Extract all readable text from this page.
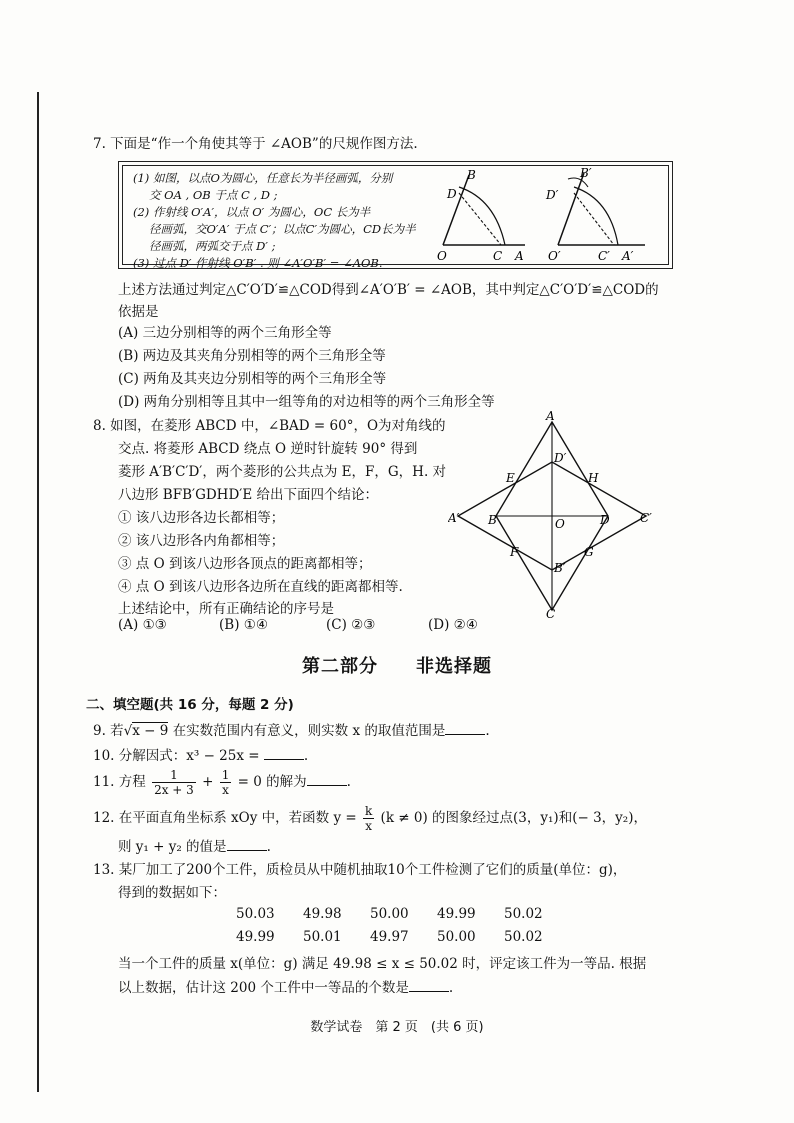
7. 下面是“作一个角使其等于 ∠AOB”的尺规作图方法.
(1) 如图，以点O为圆心，任意长为半径画弧，分别
交 OA , OB 于点 C , D ;
(2) 作射线 O′A′，以点 O′ 为圆心，OC 长为半
径画弧，交O′A′ 于点 C′；以点C′为圆心，CD长为半
径画弧，两弧交于点 D′ ;
(3) 过点 D′ 作射线 O′B′ . 则 ∠A′O′B′ = ∠AOB.
B
D
O	C A
B′
D′
O′	C′ A′
上述方法通过判定△C′O′D′≌△COD得到∠A′O′B′ = ∠AOB，其中判定△C′O′D′≌△COD的
依据是
(A) 三边分别相等的两个三角形全等
(B) 两边及其夹角分别相等的两个三角形全等
(C) 两角及其夹边分别相等的两个三角形全等
(D) 两角分别相等且其中一组等角的对边相等的两个三角形全等
8. 如图，在菱形 ABCD 中，∠BAD = 60°，O为对角线的
交点. 将菱形 ABCD 绕点 O 逆时针旋转 90° 得到
菱形 A′B′C′D′，两个菱形的公共点为 E，F，G，H. 对
八边形 BFB′GDHD′E 给出下面四个结论：
① 该八边形各边长都相等；
② 该八边形各内角都相等；
③ 点 O 到该八边形各顶点的距离都相等；
④ 点 O 到该八边形各边所在直线的距离都相等.
上述结论中，所有正确结论的序号是
(A) ①③	(B) ①④	(C) ②③	(D) ②④
A
B
C
D
O
A′
B′
C′
D′
E
F	G
H
第二部分　　非选择题
二、填空题(共 16 分，每题 2 分)
9. 若√x − 9 在实数范围内有意义，则实数 x 的取值范围是	.
10. 分解因式：x³ − 25x =	.
11. 方程 $\frac{1}{2x + 3} + \frac{1}{x} = 0$ 的解为	.
12. 在平面直角坐标系 xOy 中，若函数 $y = \frac{k}{x} (k \ne 0)$ 的图象经过点(3，y₁)和(− 3，y₂)，
则 y₁ + y₂ 的值是	.
13. 某厂加工了200个工件，质检员从中随机抽取10个工件检测了它们的质量(单位：g)，
得到的数据如下：
50.03 49.98 50.00 49.99 50.02
49.99 50.01 49.97 50.00 50.02
当一个工件的质量 x(单位：g) 满足 49.98 ≤ x ≤ 50.02 时，评定该工件为一等品. 根据
以上数据，估计这 200 个工件中一等品的个数是	.
数学试卷　第 2 页　(共 6 页)
